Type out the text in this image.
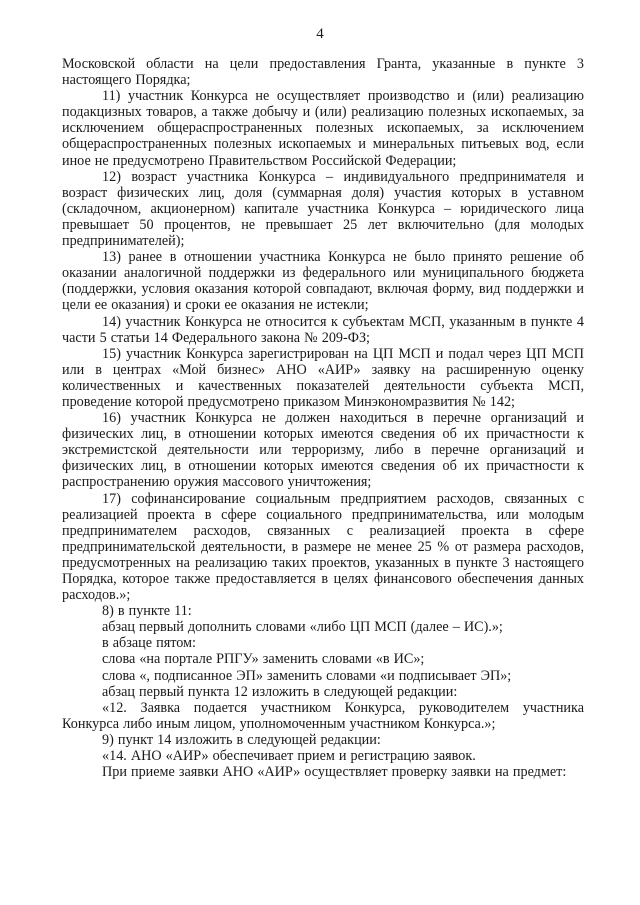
4

Московской области на цели предоставления Гранта, указанные в пункте 3 настоящего Порядка;

11) участник Конкурса не осуществляет производство и (или) реализацию подакцизных товаров, а также добычу и (или) реализацию полезных ископаемых, за исключением общераспространенных полезных ископаемых, за исключением общераспространенных полезных ископаемых и минеральных питьевых вод, если иное не предусмотрено Правительством Российской Федерации;

12) возраст участника Конкурса – индивидуального предпринимателя и возраст физических лиц, доля (суммарная доля) участия которых в уставном (складочном, акционерном) капитале участника Конкурса – юридического лица превышает 50 процентов, не превышает 25 лет включительно (для молодых предпринимателей);

13) ранее в отношении участника Конкурса не было принято решение об оказании аналогичной поддержки из федерального или муниципального бюджета (поддержки, условия оказания которой совпадают, включая форму, вид поддержки и цели ее оказания) и сроки ее оказания не истекли;

14) участник Конкурса не относится к субъектам МСП, указанным в пункте 4 части 5 статьи 14 Федерального закона № 209-ФЗ;

15) участник Конкурса зарегистрирован на ЦП МСП и подал через ЦП МСП или в центрах «Мой бизнес» АНО «АИР» заявку на расширенную оценку количественных и качественных показателей деятельности субъекта МСП, проведение которой предусмотрено приказом Минэкономразвития № 142;

16) участник Конкурса не должен находиться в перечне организаций и физических лиц, в отношении которых имеются сведения об их причастности к экстремистской деятельности или терроризму, либо в перечне организаций и физических лиц, в отношении которых имеются сведения об их причастности к распространению оружия массового уничтожения;

17) софинансирование социальным предприятием расходов, связанных с реализацией проекта в сфере социального предпринимательства, или молодым предпринимателем расходов, связанных с реализацией проекта в сфере предпринимательской деятельности, в размере не менее 25 % от размера расходов, предусмотренных на реализацию таких проектов, указанных в пункте 3 настоящего Порядка, которое также предоставляется в целях финансового обеспечения данных расходов.»;

8) в пункте 11:

абзац первый дополнить словами «либо ЦП МСП (далее – ИС).»;

в абзаце пятом:

слова «на портале РПГУ» заменить словами «в ИС»;

слова «, подписанное ЭП» заменить словами «и подписывает ЭП»;

абзац первый пункта 12 изложить в следующей редакции:

«12. Заявка подается участником Конкурса, руководителем участника Конкурса либо иным лицом, уполномоченным участником Конкурса.»;

9) пункт 14 изложить в следующей редакции:

«14. АНО «АИР» обеспечивает прием и регистрацию заявок.

При приеме заявки АНО «АИР» осуществляет проверку заявки на предмет:
